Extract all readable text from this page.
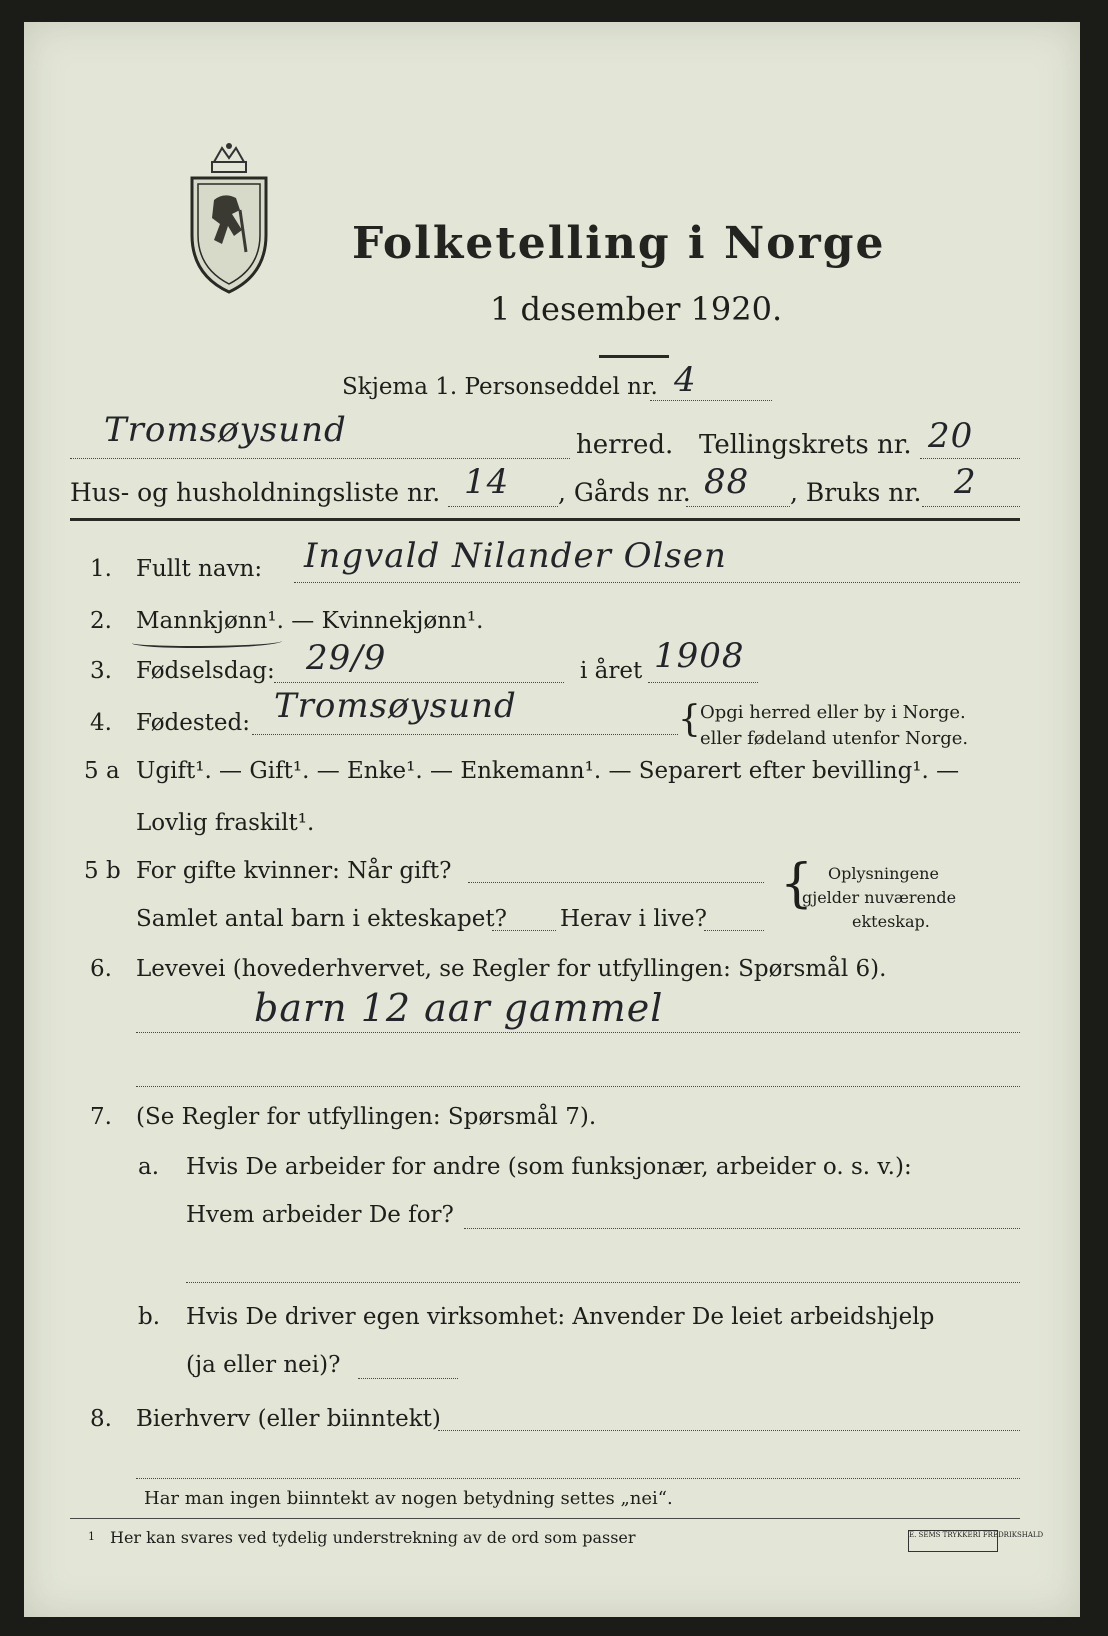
Folketelling i Norge
1 desember 1920.
Skjema 1. Personseddel nr. 4
Tromsøysund	herred. Tellingskrets nr. 20
Hus- og husholdningsliste nr. 14 , Gårds nr. 88 , Bruks nr. 2
1. Fullt navn: Ingvald Nilander Olsen
2. Mannkjønn¹. — Kvinnekjønn¹.
3. Fødselsdag: 29/9	i året 1908
4. Fødested: Tromsøysund	{ Opgi herred eller by i Norge.
eller fødeland utenfor Norge.
5 a Ugift¹. — Gift¹. — Enke¹. — Enkemann¹. — Separert efter bevilling¹. —
Lovlig fraskilt¹.
5 b For gifte kvinner: Når gift?
Samlet antal barn i ekteskapet? Herav i live?
{ Oplysningene
gjelder nuværende
ekteskap.
6. Levevei (hovederhvervet, se Regler for utfyllingen: Spørsmål 6).
barn 12 aar gammel
7. (Se Regler for utfyllingen: Spørsmål 7).
a. Hvis De arbeider for andre (som funksjonær, arbeider o. s. v.):
Hvem arbeider De for?
b. Hvis De driver egen virksomhet: Anvender De leiet arbeidshjelp
(ja eller nei)?
8. Bierhverv (eller biinntekt)
Har man ingen biinntekt av nogen betydning settes „nei“.
1 Her kan svares ved tydelig understrekning av de ord som passer	E. SEMS TRYKKERI FREDRIKSHALD
